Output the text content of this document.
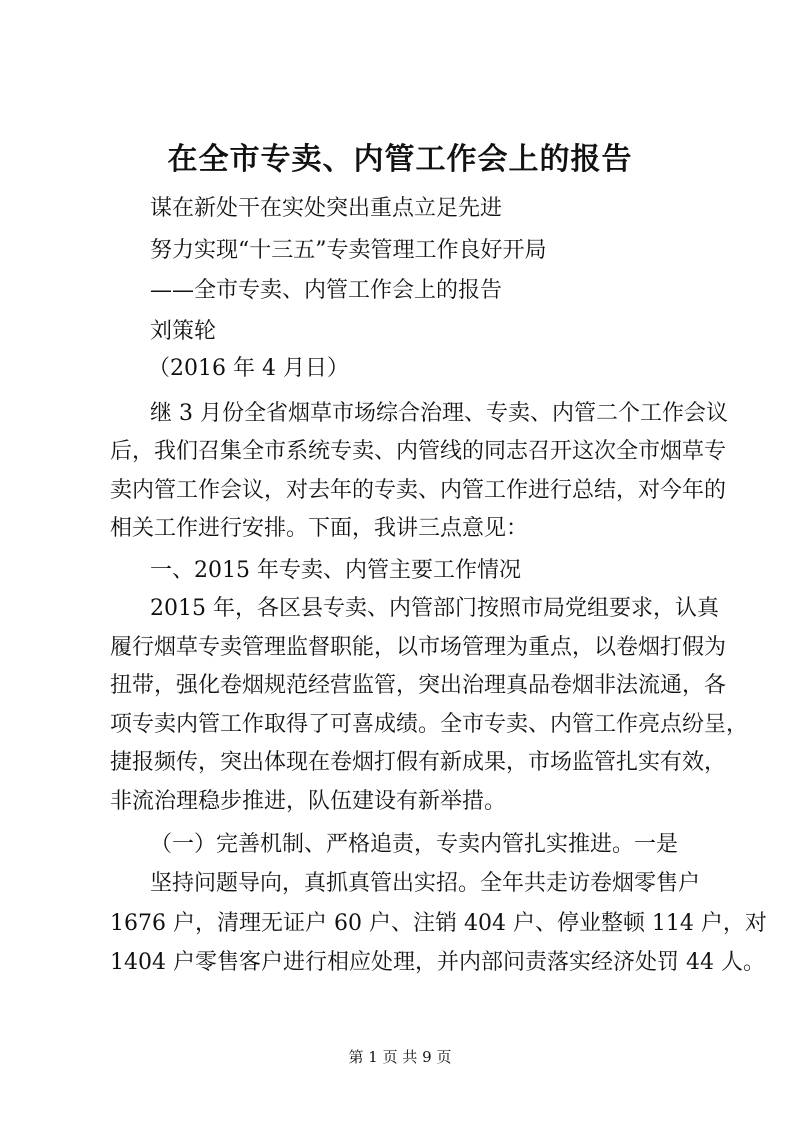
在全市专卖、内管工作会上的报告
谋在新处干在实处突出重点立足先进
努力实现“十三五”专卖管理工作良好开局
——全市专卖、内管工作会上的报告
刘策轮
（2016 年 4 月日）
继 3 月份全省烟草市场综合治理、专卖、内管二个工作会议
后，我们召集全市系统专卖、内管线的同志召开这次全市烟草专
卖内管工作会议，对去年的专卖、内管工作进行总结，对今年的
相关工作进行安排。下面，我讲三点意见：
一、2015 年专卖、内管主要工作情况
2015 年，各区县专卖、内管部门按照市局党组要求，认真
履行烟草专卖管理监督职能，以市场管理为重点，以卷烟打假为
扭带，强化卷烟规范经营监管，突出治理真品卷烟非法流通，各
项专卖内管工作取得了可喜成绩。全市专卖、内管工作亮点纷呈，
捷报频传，突出体现在卷烟打假有新成果，市场监管扎实有效，
非流治理稳步推进，队伍建设有新举措。
（一）完善机制、严格追责，专卖内管扎实推进。一是
坚持问题导向，真抓真管出实招。全年共走访卷烟零售户
1676 户，清理无证户 60 户、注销 404 户、停业整顿 114 户，对
1404 户零售客户进行相应处理，并内部问责落实经济处罚 44 人。
第 1 页 共 9 页
